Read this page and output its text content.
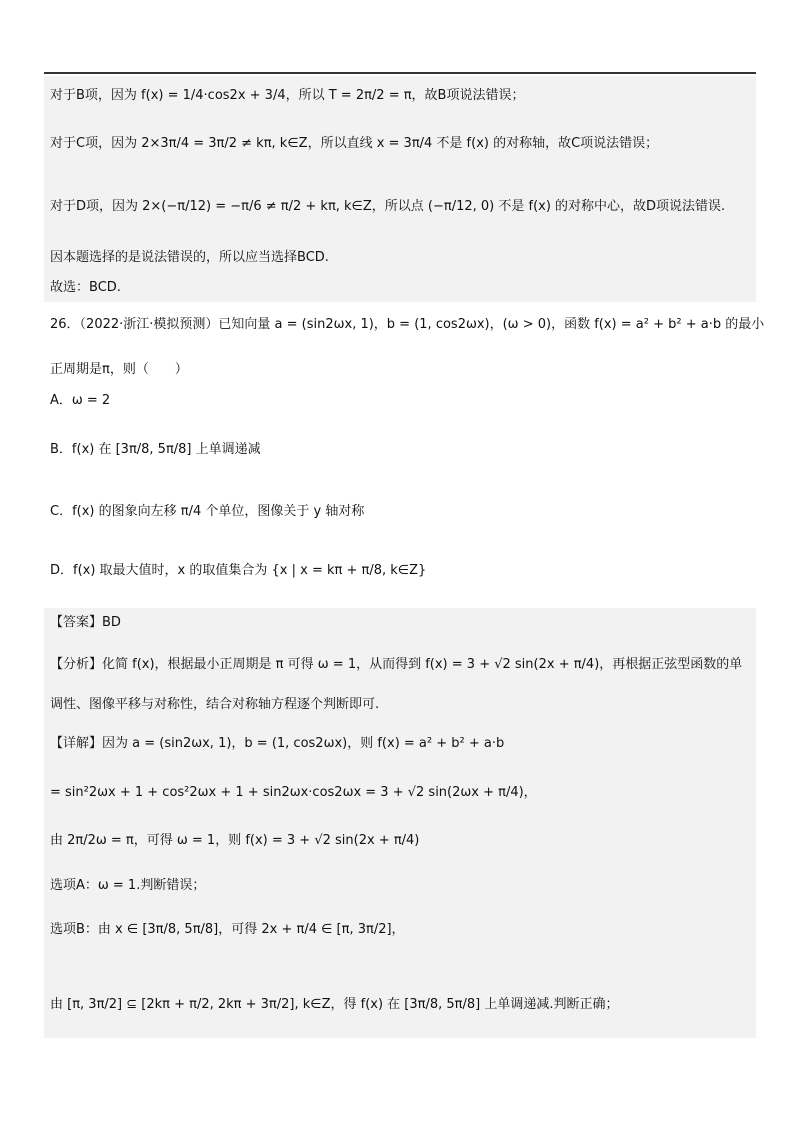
对于B项，因为 f(x) = 1/4·cos2x + 3/4，所以 T = 2π/2 = π，故B项说法错误；
对于C项，因为 2×3π/4 = 3π/2 ≠ kπ, k∈Z，所以直线 x = 3π/4 不是 f(x) 的对称轴，故C项说法错误；
对于D项，因为 2×(−π/12) = −π/6 ≠ π/2 + kπ, k∈Z，所以点 (−π/12, 0) 不是 f(x) 的对称中心，故D项说法错误.
因本题选择的是说法错误的，所以应当选择BCD.
故选：BCD.
26．（2022·浙江·模拟预测）已知向量 a = (sin2ωx, 1)，b = (1, cos2ωx)，(ω > 0)，函数 f(x) = a² + b² + a·b 的最小
正周期是π，则（　　）
A．ω = 2
B．f(x) 在 [3π/8, 5π/8] 上单调递减
C．f(x) 的图象向左移 π/4 个单位，图像关于 y 轴对称
D．f(x) 取最大值时，x 的取值集合为 {x | x = kπ + π/8, k∈Z}
【答案】BD
【分析】化简 f(x)，根据最小正周期是 π 可得 ω = 1，从而得到 f(x) = 3 + √2 sin(2x + π/4)，再根据正弦型函数的单
调性、图像平移与对称性，结合对称轴方程逐个判断即可.
【详解】因为 a = (sin2ωx, 1)，b = (1, cos2ωx)，则 f(x) = a² + b² + a·b
= sin²2ωx + 1 + cos²2ωx + 1 + sin2ωx·cos2ωx = 3 + √2 sin(2ωx + π/4)，
由 2π/2ω = π，可得 ω = 1，则 f(x) = 3 + √2 sin(2x + π/4)
选项A：ω = 1.判断错误；
选项B：由 x ∈ [3π/8, 5π/8]，可得 2x + π/4 ∈ [π, 3π/2]，
由 [π, 3π/2] ⊆ [2kπ + π/2, 2kπ + 3π/2], k∈Z，得 f(x) 在 [3π/8, 5π/8] 上单调递减.判断正确；
